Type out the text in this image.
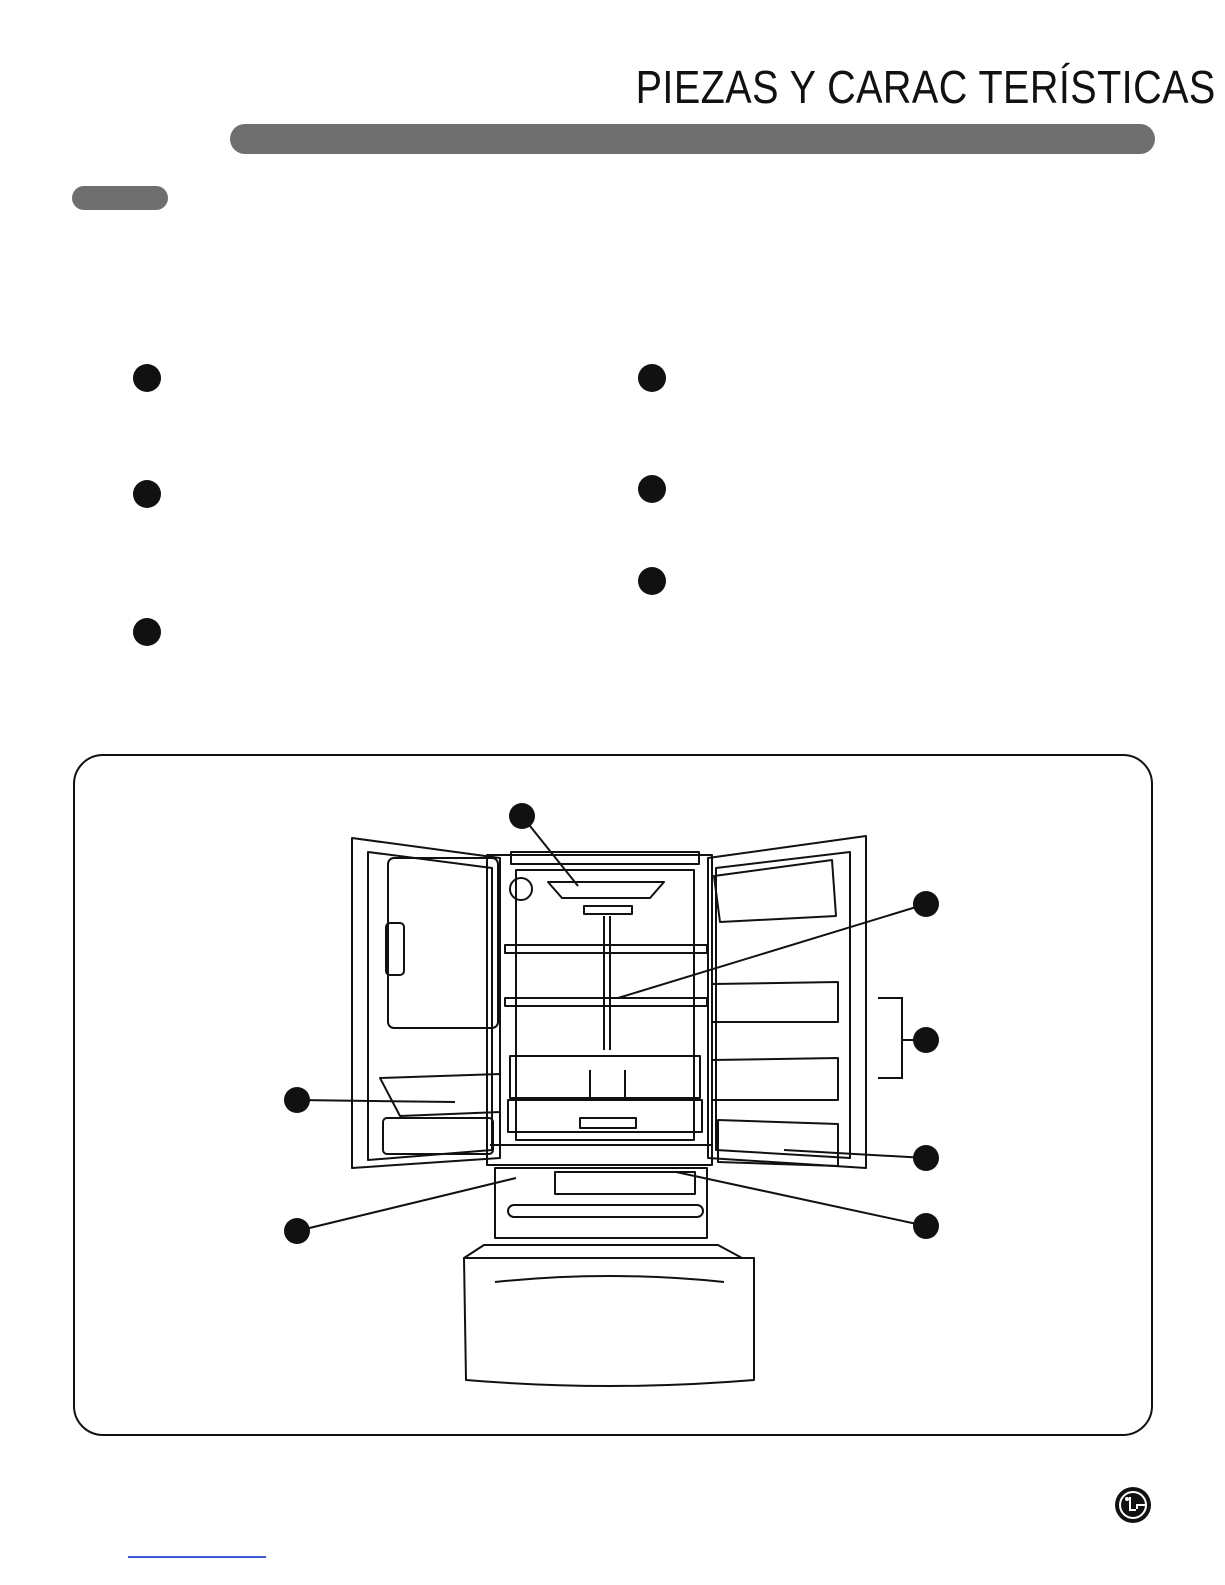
PIEZAS Y CARAC TERÍSTICAS
